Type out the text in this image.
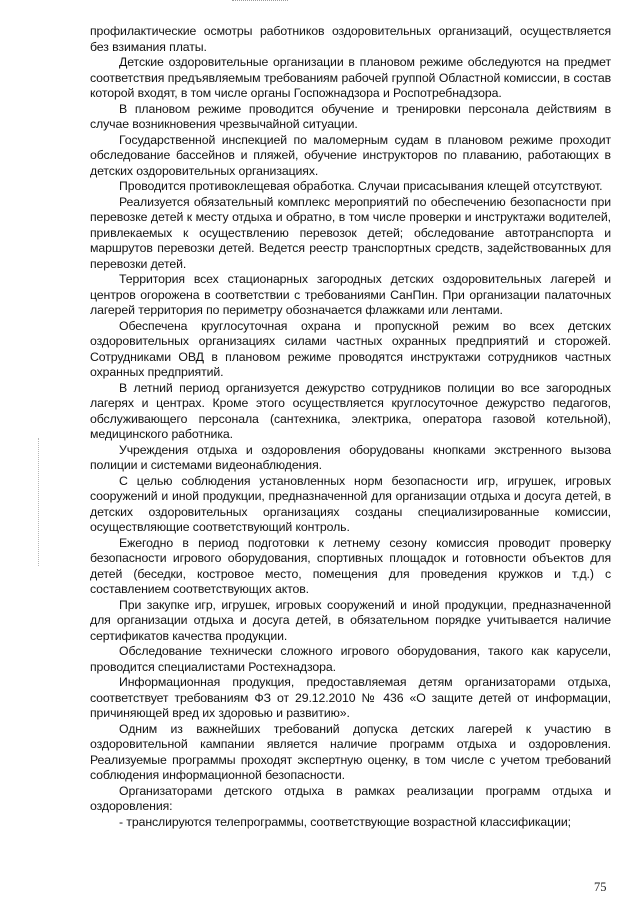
профилактические осмотры работников оздоровительных организаций, осуществляется без взимания платы.

Детские оздоровительные организации в плановом режиме обследуются на предмет соответствия предъявляемым требованиям рабочей группой Областной комиссии, в состав которой входят, в том числе органы Госпожнадзора и Роспотребнадзора.

В плановом режиме проводится обучение и тренировки персонала действиям в случае возникновения чрезвычайной ситуации.

Государственной инспекцией по маломерным судам в плановом режиме проходит обследование бассейнов и пляжей, обучение инструкторов по плаванию, работающих в детских оздоровительных организациях.

Проводится противоклещевая обработка. Случаи присасывания клещей отсутствуют.

Реализуется обязательный комплекс мероприятий по обеспечению безопасности при перевозке детей к месту отдыха и обратно, в том числе проверки и инструктажи водителей, привлекаемых к осуществлению перевозок детей; обследование автотранспорта и маршрутов перевозки детей. Ведется реестр транспортных средств, задействованных для перевозки детей.

Территория всех стационарных загородных детских оздоровительных лагерей и центров огорожена в соответствии с требованиями СанПин. При организации палаточных лагерей территория по периметру обозначается флажками или лентами.

Обеспечена круглосуточная охрана и пропускной режим во всех детских оздоровительных организациях силами частных охранных предприятий и сторожей. Сотрудниками ОВД в плановом режиме проводятся инструктажи сотрудников частных охранных предприятий.

В летний период организуется дежурство сотрудников полиции во все загородных лагерях и центрах. Кроме этого осуществляется круглосуточное дежурство педагогов, обслуживающего персонала (сантехника, электрика, оператора газовой котельной), медицинского работника.

Учреждения отдыха и оздоровления оборудованы кнопками экстренного вызова полиции и системами видеонаблюдения.

С целью соблюдения установленных норм безопасности игр, игрушек, игровых сооружений и иной продукции, предназначенной для организации отдыха и досуга детей, в детских оздоровительных организациях созданы специализированные комиссии, осуществляющие соответствующий контроль.

Ежегодно в период подготовки к летнему сезону комиссия проводит проверку безопасности игрового оборудования, спортивных площадок и готовности объектов для детей (беседки, костровое место, помещения для проведения кружков и т.д.) с составлением соответствующих актов.

При закупке игр, игрушек, игровых сооружений и иной продукции, предназначенной для организации отдыха и досуга детей, в обязательном порядке учитывается наличие сертификатов качества продукции.

Обследование технически сложного игрового оборудования, такого как карусели, проводится специалистами Ростехнадзора.

Информационная продукция, предоставляемая детям организаторами отдыха, соответствует требованиям ФЗ от 29.12.2010 № 436 «О защите детей от информации, причиняющей вред их здоровью и развитию».

Одним из важнейших требований допуска детских лагерей к участию в оздоровительной кампании является наличие программ отдыха и оздоровления. Реализуемые программы проходят экспертную оценку, в том числе с учетом требований соблюдения информационной безопасности.

Организаторами детского отдыха в рамках реализации программ отдыха и оздоровления:

- транслируются телепрограммы, соответствующие возрастной классификации;

75
